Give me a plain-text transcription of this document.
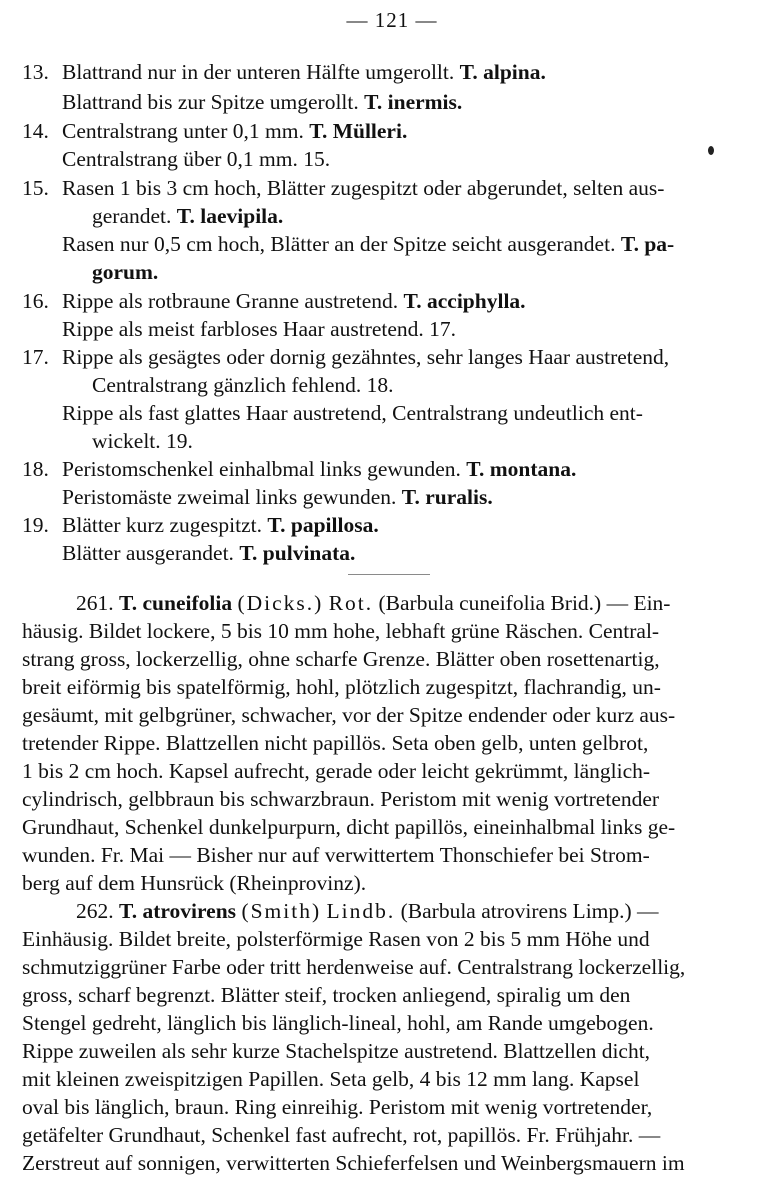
— 121 —
13. Blattrand nur in der unteren Hälfte umgerollt. T. alpina.
Blattrand bis zur Spitze umgerollt. T. inermis.
14. Centralstrang unter 0,1 mm. T. Mülleri.
Centralstrang über 0,1 mm. 15.
15. Rasen 1 bis 3 cm hoch, Blätter zugespitzt oder abgerundet, selten aus-
gerandet. T. laevipila.
Rasen nur 0,5 cm hoch, Blätter an der Spitze seicht ausgerandet. T. pa-
gorum.
16. Rippe als rotbraune Granne austretend. T. acciphylla.
Rippe als meist farbloses Haar austretend. 17.
17. Rippe als gesägtes oder dornig gezähntes, sehr langes Haar austretend,
Centralstrang gänzlich fehlend. 18.
Rippe als fast glattes Haar austretend, Centralstrang undeutlich ent-
wickelt. 19.
18. Peristomschenkel einhalbmal links gewunden. T. montana.
Peristomäste zweimal links gewunden. T. ruralis.
19. Blätter kurz zugespitzt. T. papillosa.
Blätter ausgerandet. T. pulvinata.
261. T. cuneifolia (Dicks.) Rot. (Barbula cuneifolia Brid.) — Ein-
häusig. Bildet lockere, 5 bis 10 mm hohe, lebhaft grüne Räschen. Central-
strang gross, lockerzellig, ohne scharfe Grenze. Blätter oben rosettenartig,
breit eiförmig bis spatelförmig, hohl, plötzlich zugespitzt, flachrandig, un-
gesäumt, mit gelbgrüner, schwacher, vor der Spitze endender oder kurz aus-
tretender Rippe. Blattzellen nicht papillös. Seta oben gelb, unten gelbrot,
1 bis 2 cm hoch. Kapsel aufrecht, gerade oder leicht gekrümmt, länglich-
cylindrisch, gelbbraun bis schwarzbraun. Peristom mit wenig vortretender
Grundhaut, Schenkel dunkelpurpurn, dicht papillös, eineinhalbmal links ge-
wunden. Fr. Mai — Bisher nur auf verwittertem Thonschiefer bei Strom-
berg auf dem Hunsrück (Rheinprovinz).
262. T. atrovirens (Smith) Lindb. (Barbula atrovirens Limp.) —
Einhäusig. Bildet breite, polsterförmige Rasen von 2 bis 5 mm Höhe und
schmutziggrüner Farbe oder tritt herdenweise auf. Centralstrang lockerzellig,
gross, scharf begrenzt. Blätter steif, trocken anliegend, spiralig um den
Stengel gedreht, länglich bis länglich-lineal, hohl, am Rande umgebogen.
Rippe zuweilen als sehr kurze Stachelspitze austretend. Blattzellen dicht,
mit kleinen zweispitzigen Papillen. Seta gelb, 4 bis 12 mm lang. Kapsel
oval bis länglich, braun. Ring einreihig. Peristom mit wenig vortretender,
getäfelter Grundhaut, Schenkel fast aufrecht, rot, papillös. Fr. Frühjahr. —
Zerstreut auf sonnigen, verwitterten Schieferfelsen und Weinbergsmauern im
